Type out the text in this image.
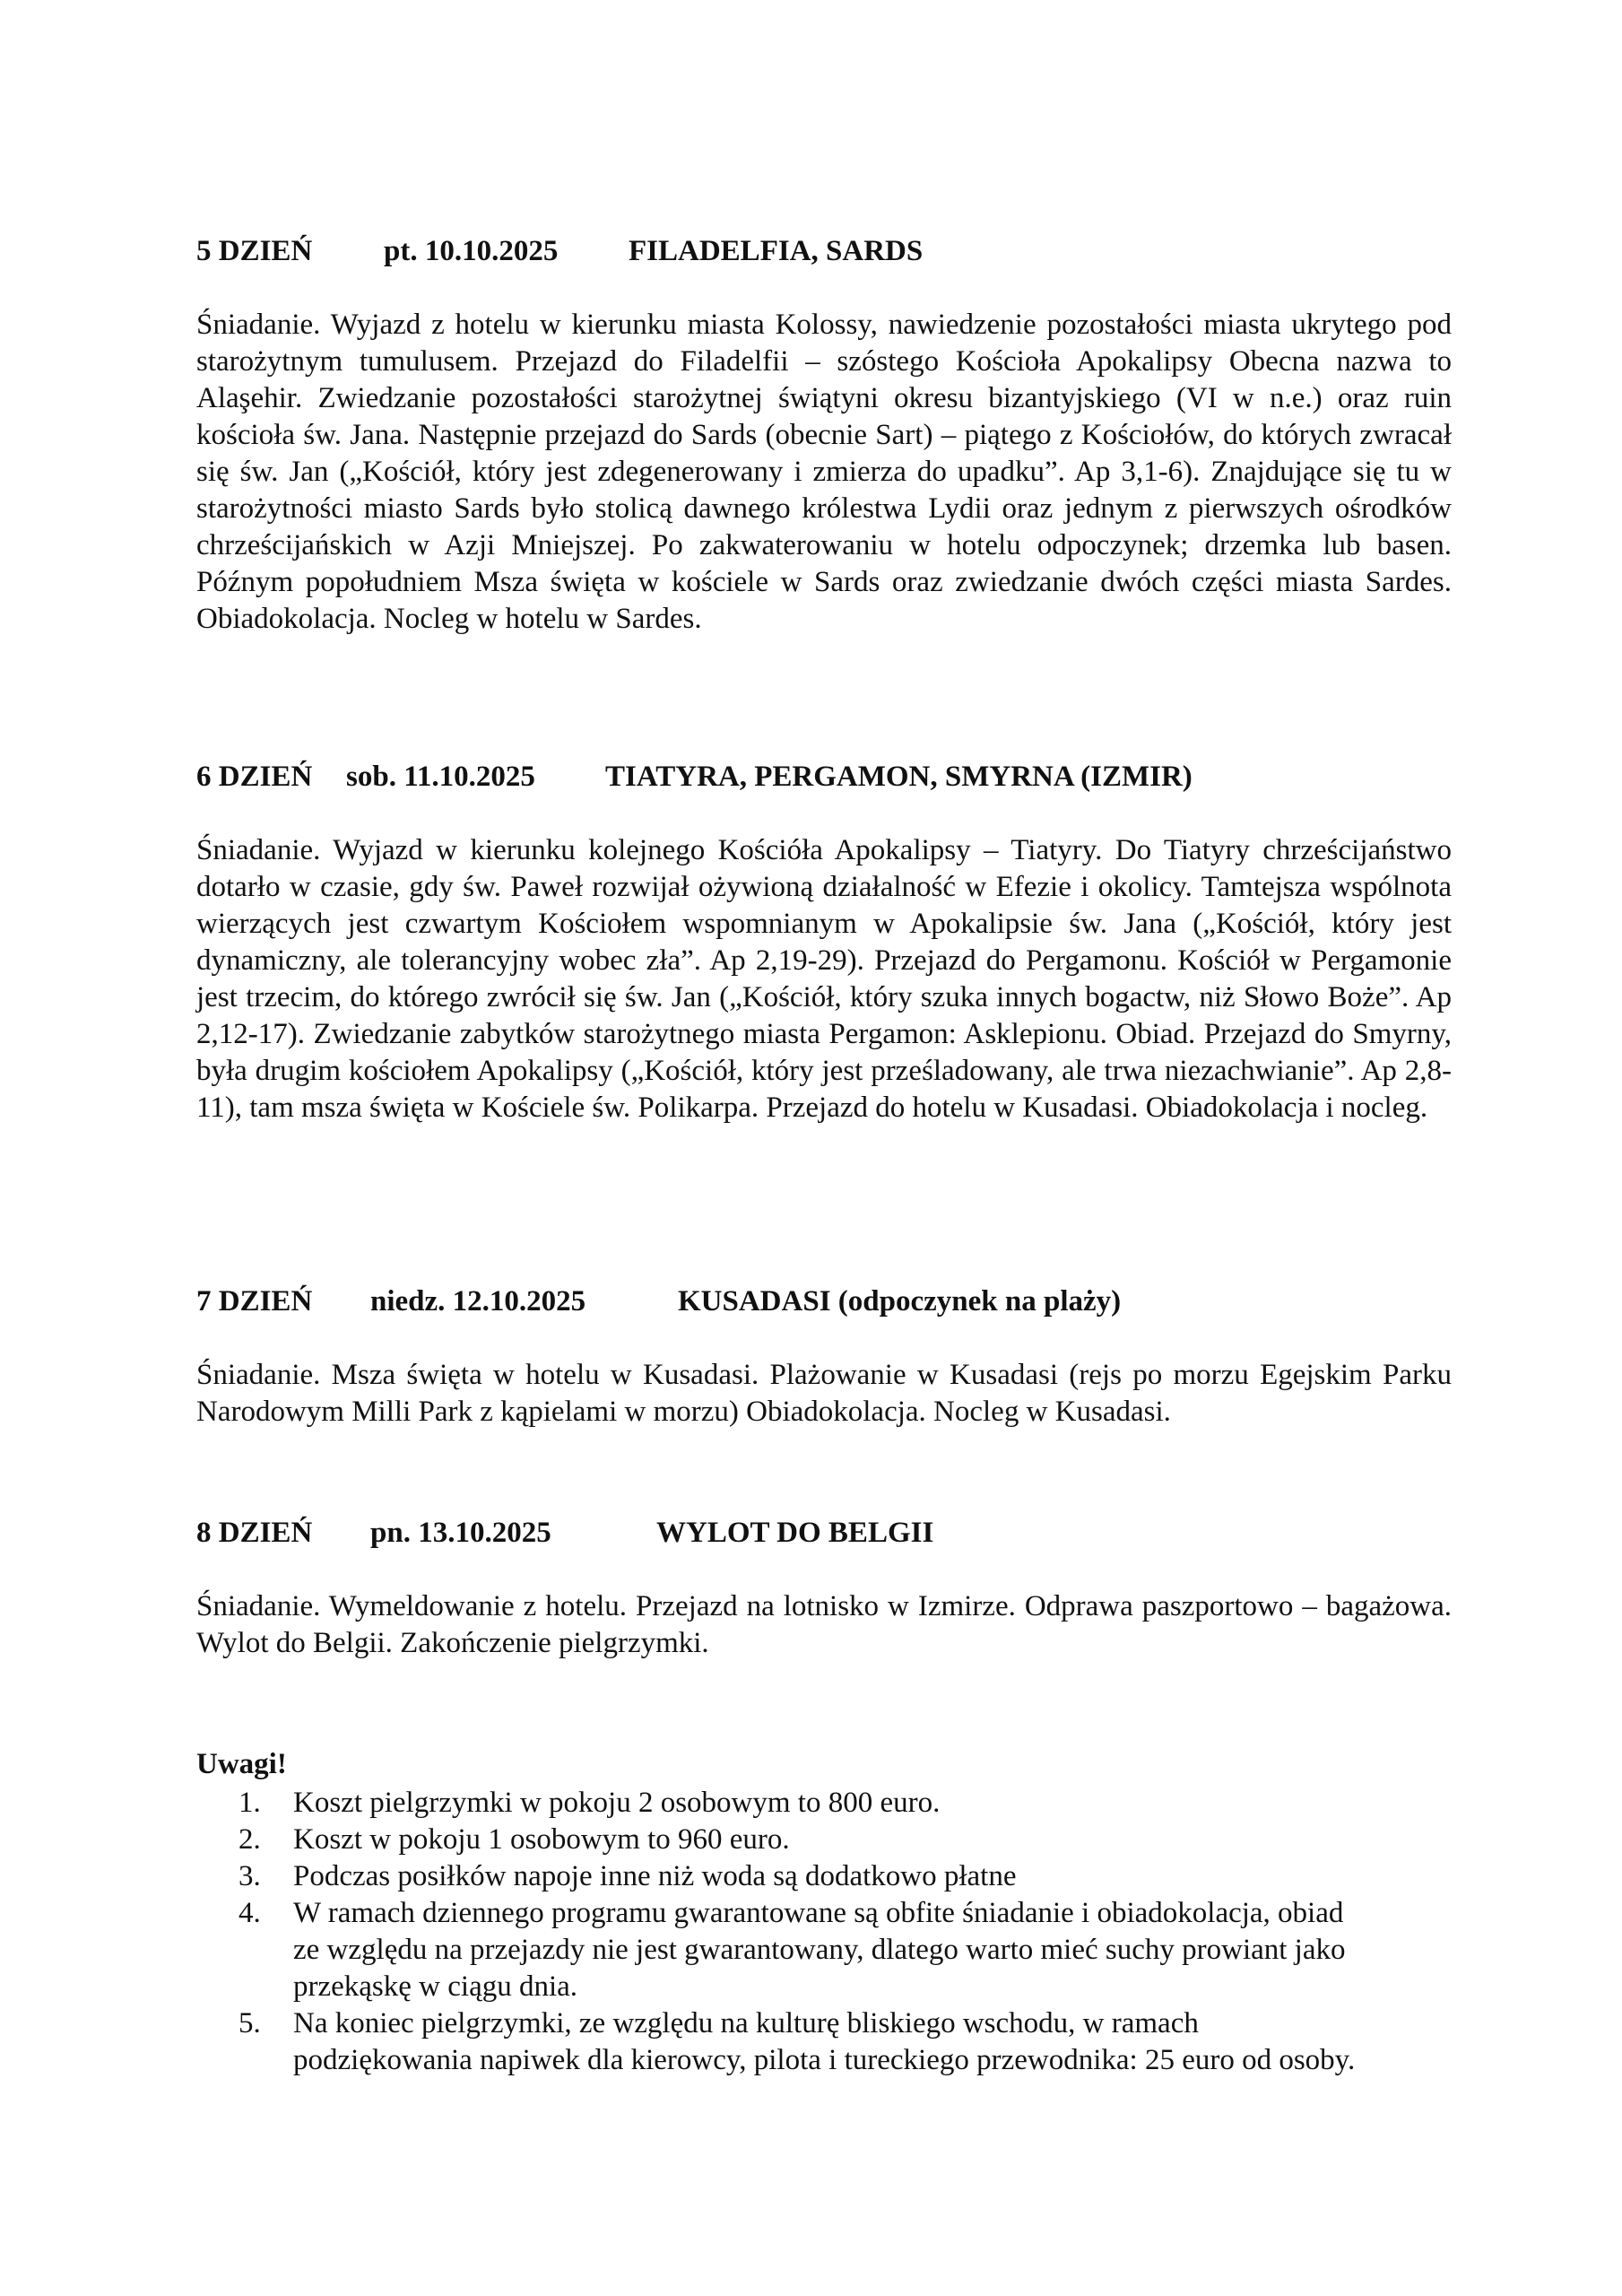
5 DZIEŃ pt. 10.10.2025 FILADELFIA, SARDS

Śniadanie. Wyjazd z hotelu w kierunku miasta Kolossy, nawiedzenie pozostałości miasta ukrytego pod starożytnym tumulusem. Przejazd do Filadelfii – szóstego Kościoła Apokalipsy Obecna nazwa to Alaşehir. Zwiedzanie pozostałości starożytnej świątyni okresu bizantyjskiego (VI w n.e.) oraz ruin kościoła św. Jana. Następnie przejazd do Sards (obecnie Sart) – piątego z Kościołów, do których zwracał się św. Jan („Kościół, który jest zdegenerowany i zmierza do upadku”. Ap 3,1-6). Znajdujące się tu w starożytności miasto Sards było stolicą dawnego królestwa Lydii oraz jednym z pierwszych ośrodków chrześcijańskich w Azji Mniejszej. Po zakwaterowaniu w hotelu odpoczynek; drzemka lub basen. Późnym popołudniem Msza święta w kościele w Sards oraz zwiedzanie dwóch części miasta Sardes. Obiadokolacja. Nocleg w hotelu w Sardes.

6 DZIEŃ sob. 11.10.2025 TIATYRA, PERGAMON, SMYRNA (IZMIR)

Śniadanie. Wyjazd w kierunku kolejnego Kościóła Apokalipsy – Tiatyry. Do Tiatyry chrześcijaństwo dotarło w czasie, gdy św. Paweł rozwijał ożywioną działalność w Efezie i okolicy. Tamtejsza wspólnota wierzących jest czwartym Kościołem wspomnianym w Apokalipsie św. Jana („Kościół, który jest dynamiczny, ale tolerancyjny wobec zła”. Ap 2,19-29). Przejazd do Pergamonu. Kościół w Pergamonie jest trzecim, do którego zwrócił się św. Jan („Kościół, który szuka innych bogactw, niż Słowo Boże”. Ap 2,12-17). Zwiedzanie zabytków starożytnego miasta Pergamon: Asklepionu. Obiad. Przejazd do Smyrny, była drugim kościołem Apokalipsy („Kościół, który jest prześladowany, ale trwa niezachwianie”. Ap 2,8-11), tam msza święta w Kościele św. Polikarpa. Przejazd do hotelu w Kusadasi. Obiadokolacja i nocleg.

7 DZIEŃ niedz. 12.10.2025	KUSADASI (odpoczynek na plaży)

Śniadanie. Msza święta w hotelu w Kusadasi. Plażowanie w Kusadasi (rejs po morzu Egejskim Parku Narodowym Milli Park z kąpielami w morzu) Obiadokolacja. Nocleg w Kusadasi.

8 DZIEŃ pn. 13.10.2025	WYLOT DO BELGII

Śniadanie. Wymeldowanie z hotelu. Przejazd na lotnisko w Izmirze. Odprawa paszportowo – bagażowa. Wylot do Belgii. Zakończenie pielgrzymki.

Uwagi!

1. Koszt pielgrzymki w pokoju 2 osobowym to 800 euro.
2. Koszt w pokoju 1 osobowym to 960 euro.
3. Podczas posiłków napoje inne niż woda są dodatkowo płatne
4. W ramach dziennego programu gwarantowane są obfite śniadanie i obiadokolacja, obiad ze względu na przejazdy nie jest gwarantowany, dlatego warto mieć suchy prowiant jako przekąskę w ciągu dnia.
5. Na koniec pielgrzymki, ze względu na kulturę bliskiego wschodu, w ramach podziękowania napiwek dla kierowcy, pilota i tureckiego przewodnika: 25 euro od osoby.
